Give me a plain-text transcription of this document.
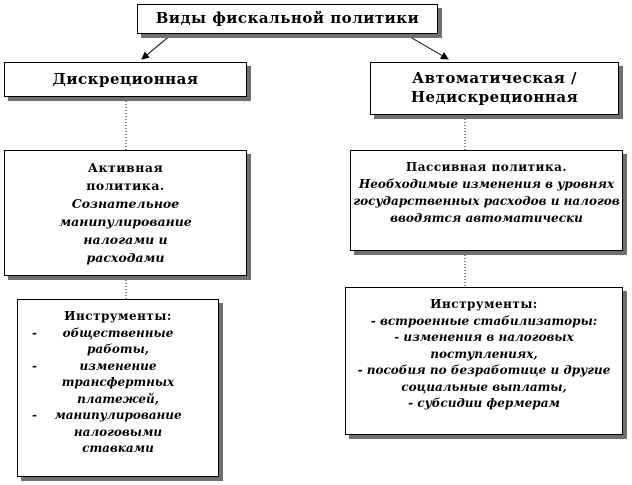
Виды фискальной политики
Дискреционная	Автоматическая /
Недискреционная
Активная
политика.
Сознательное
манипулирование
налогами и
расходами
Пассивная политика.
Необходимые изменения в уровнях
государственных расходов и налогов
вводятся автоматически
Инструменты:
- общественные
работы,
-	изменение
трансфертных
платежей,
- манипулирование
налоговыми
ставками
Инструменты:
- встроенные стабилизаторы:
- изменения в налоговых
поступлениях,
- пособия по безработице и другие
социальные выплаты,
- субсидии фермерам
